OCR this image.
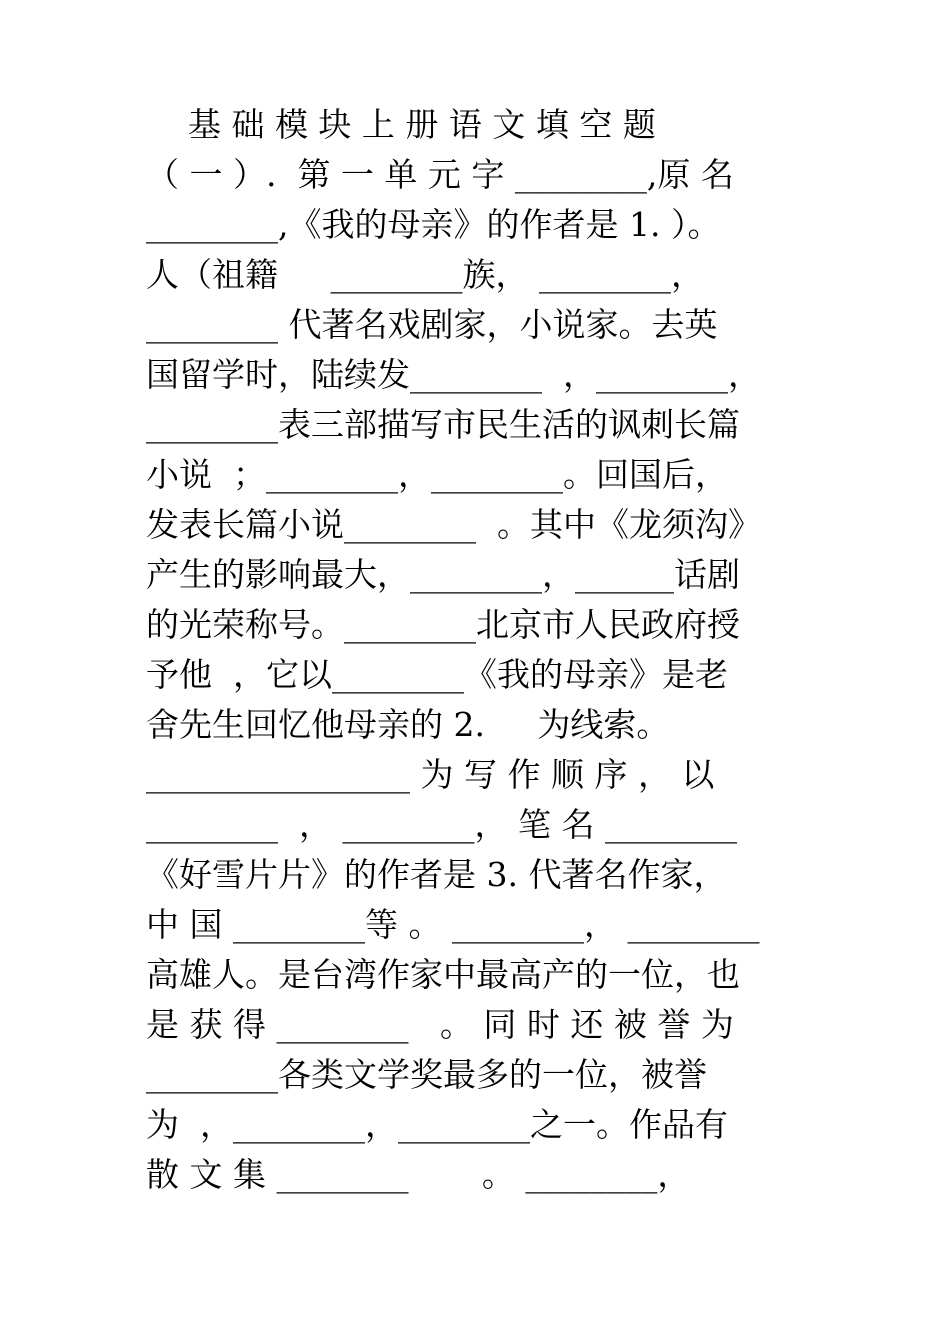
基 础 模 块 上 册 语 文 填 空 题
（ 一 ）.  第 一 单 元 字 ________,原 名
________,《我的母亲》的作者是 1. ）。
人（祖籍     ________族， ________，
________ 代著名戏剧家，小说家。去英
国留学时，陆续发________  ，________，
________表三部描写市民生活的讽刺长篇
小说  ；________，________。回国后，
发表长篇小说________  。其中《龙须沟》
产生的影响最大，________，______话剧
的光荣称号。________北京市人民政府授
予他  ，它以________《我的母亲》是老
舍先生回忆他母亲的 2.     为线索。
________________ 为 写 作 顺 序 ， 以
________  ， ________， 笔 名 ________
《好雪片片》的作者是 3. 代著名作家，
中 国 ________等 。 ________， ________
高雄人。是台湾作家中最高产的一位，也
是 获 得 ________   。 同 时 还 被 誉 为
________各类文学奖最多的一位，被誉
为  ，________，________之一。作品有
散 文 集 ________       。 ________，
